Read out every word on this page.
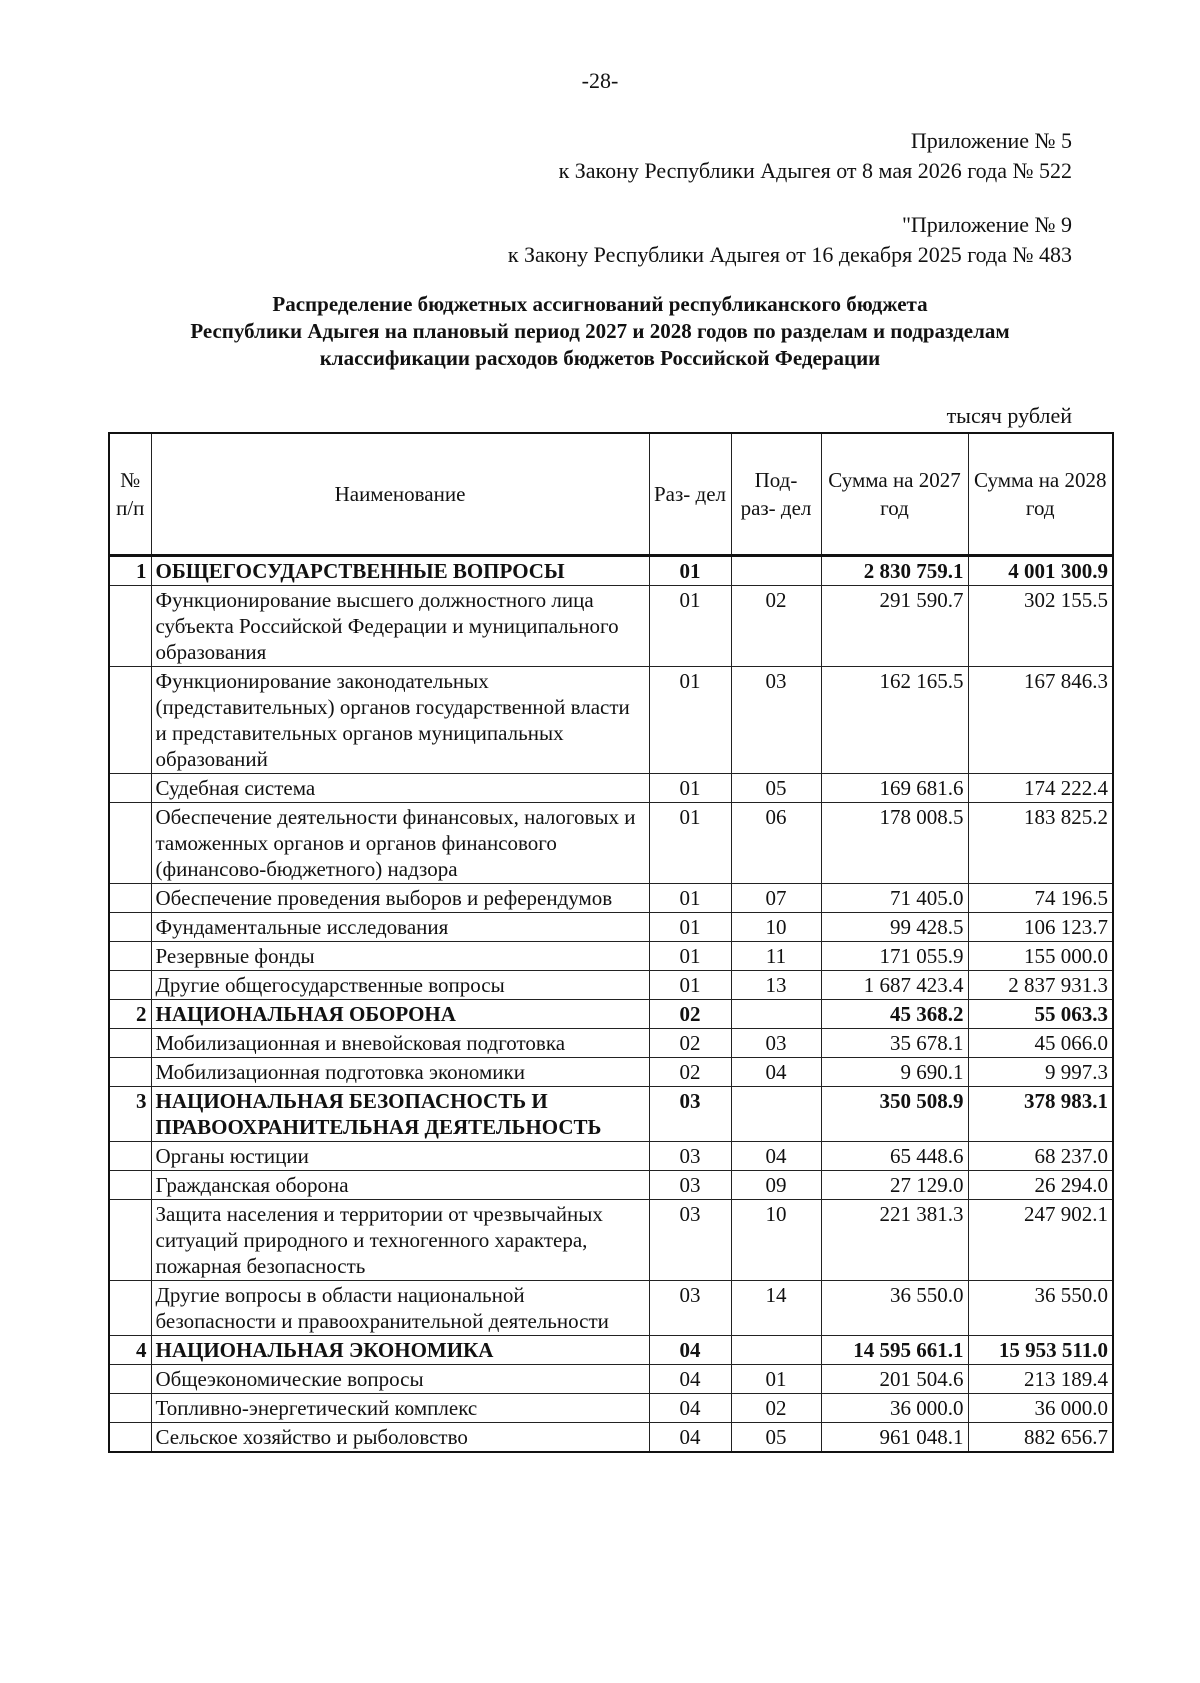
-28-
Приложение № 5
к Закону Республики Адыгея от 8 мая 2026 года № 522
"Приложение № 9
к Закону Республики Адыгея от 16 декабря 2025 года № 483
Распределение бюджетных ассигнований республиканского бюджета
Республики Адыгея на плановый период 2027 и 2028 годов по разделам и подразделам
классификации расходов бюджетов Российской Федерации
тысяч рублей
№ п/п	Наименование	Раз- дел	Под- раз- дел	Сумма на 2027 год	Сумма на 2028 год
1	ОБЩЕГОСУДАРСТВЕННЫЕ ВОПРОСЫ	01		2 830 759.1	4 001 300.9
	Функционирование высшего должностного лица субъекта Российской Федерации и муниципального образования	01	02	291 590.7	302 155.5
	Функционирование законодательных (представительных) органов государственной власти и представительных органов муниципальных образований	01	03	162 165.5	167 846.3
	Судебная система	01	05	169 681.6	174 222.4
	Обеспечение деятельности финансовых, налоговых и таможенных органов и органов финансового (финансово-бюджетного) надзора	01	06	178 008.5	183 825.2
	Обеспечение проведения выборов и референдумов	01	07	71 405.0	74 196.5
	Фундаментальные исследования	01	10	99 428.5	106 123.7
	Резервные фонды	01	11	171 055.9	155 000.0
	Другие общегосударственные вопросы	01	13	1 687 423.4	2 837 931.3
2	НАЦИОНАЛЬНАЯ ОБОРОНА	02		45 368.2	55 063.3
	Мобилизационная и вневойсковая подготовка	02	03	35 678.1	45 066.0
	Мобилизационная подготовка экономики	02	04	9 690.1	9 997.3
3	НАЦИОНАЛЬНАЯ БЕЗОПАСНОСТЬ И ПРАВООХРАНИТЕЛЬНАЯ ДЕЯТЕЛЬНОСТЬ	03		350 508.9	378 983.1
	Органы юстиции	03	04	65 448.6	68 237.0
	Гражданская оборона	03	09	27 129.0	26 294.0
	Защита населения и территории от чрезвычайных ситуаций природного и техногенного характера, пожарная безопасность	03	10	221 381.3	247 902.1
	Другие вопросы в области национальной безопасности и правоохранительной деятельности	03	14	36 550.0	36 550.0
4	НАЦИОНАЛЬНАЯ ЭКОНОМИКА	04		14 595 661.1	15 953 511.0
	Общеэкономические вопросы	04	01	201 504.6	213 189.4
	Топливно-энергетический комплекс	04	02	36 000.0	36 000.0
	Сельское хозяйство и рыболовство	04	05	961 048.1	882 656.7
